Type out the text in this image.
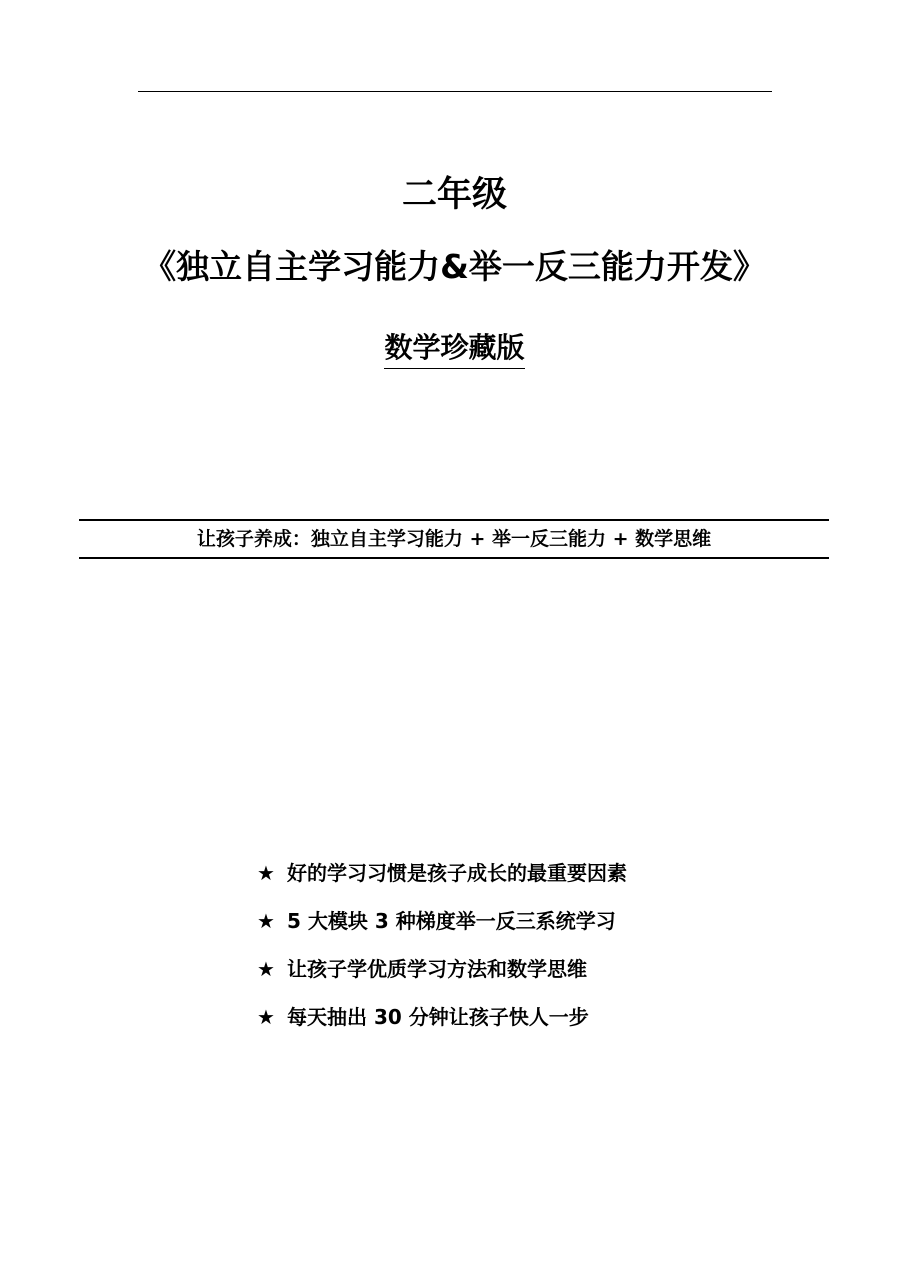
二年级
《独立自主学习能力&举一反三能力开发》
数学珍藏版
让孩子养成：独立自主学习能力 + 举一反三能力 + 数学思维
★ 好的学习习惯是孩子成长的最重要因素
★ 5 大模块 3 种梯度举一反三系统学习
★ 让孩子学优质学习方法和数学思维
★ 每天抽出 30 分钟让孩子快人一步
